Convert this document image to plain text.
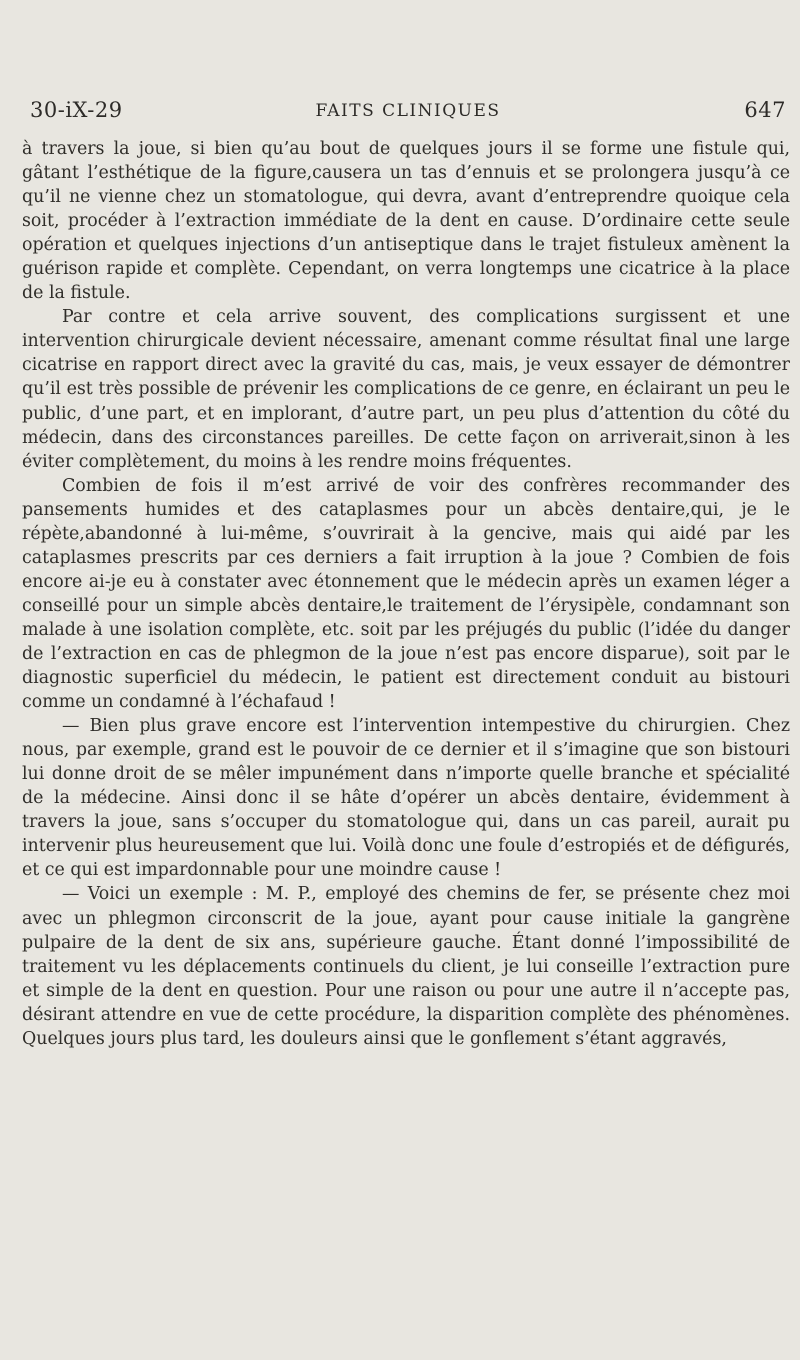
30-iX-29	FAITS CLINIQUES	647

à travers la joue, si bien qu’au bout de quelques jours il se forme une fistule qui, gâtant l’esthétique de la figure,causera un tas d’ennuis et se prolongera jusqu’à ce qu’il ne vienne chez un stomatologue, qui devra, avant d’entreprendre quoique cela soit, procéder à l’extraction immédiate de la dent en cause. D’ordinaire cette seule opération et quelques injections d’un antiseptique dans le trajet fistuleux amènent la guérison rapide et complète. Cependant, on verra longtemps une cicatrice à la place de la fistule.

Par contre et cela arrive souvent, des complications surgissent et une intervention chirurgicale devient nécessaire, amenant comme résultat final une large cicatrise en rapport direct avec la gravité du cas, mais, je veux essayer de démontrer qu’il est très possible de prévenir les complications de ce genre, en éclairant un peu le public, d’une part, et en implorant, d’autre part, un peu plus d’attention du côté du médecin, dans des circonstances pareilles. De cette façon on arriverait,sinon à les éviter complètement, du moins à les rendre moins fréquentes.

Combien de fois il m’est arrivé de voir des confrères recommander des pansements humides et des cataplasmes pour un abcès dentaire,qui, je le répète,abandonné à lui-même, s’ouvrirait à la gencive, mais qui aidé par les cataplasmes prescrits par ces derniers a fait irruption à la joue ? Combien de fois encore ai-je eu à constater avec étonnement que le médecin après un examen léger a conseillé pour un simple abcès dentaire,le traitement de l’érysipèle, condamnant son malade à une isolation complète, etc. soit par les préjugés du public (l’idée du danger de l’extraction en cas de phlegmon de la joue n’est pas encore disparue), soit par le diagnostic superficiel du médecin, le patient est directement conduit au bistouri comme un condamné à l’échafaud !

— Bien plus grave encore est l’intervention intempestive du chirurgien. Chez nous, par exemple, grand est le pouvoir de ce dernier et il s’imagine que son bistouri lui donne droit de se mêler impunément dans n’importe quelle branche et spécialité de la médecine. Ainsi donc il se hâte d’opérer un abcès dentaire, évidemment à travers la joue, sans s’occuper du stomatologue qui, dans un cas pareil, aurait pu intervenir plus heureusement que lui. Voilà donc une foule d’estropiés et de défigurés, et ce qui est impardonnable pour une moindre cause !

— Voici un exemple : M. P., employé des chemins de fer, se présente chez moi avec un phlegmon circonscrit de la joue, ayant pour cause initiale la gangrène pulpaire de la dent de six ans, supérieure gauche. Étant donné l’impossibilité de traitement vu les déplacements continuels du client, je lui conseille l’extraction pure et simple de la dent en question. Pour une raison ou pour une autre il n’accepte pas, désirant attendre en vue de cette procédure, la disparition complète des phénomènes. Quelques jours plus tard, les douleurs ainsi que le gonflement s’étant aggravés,
